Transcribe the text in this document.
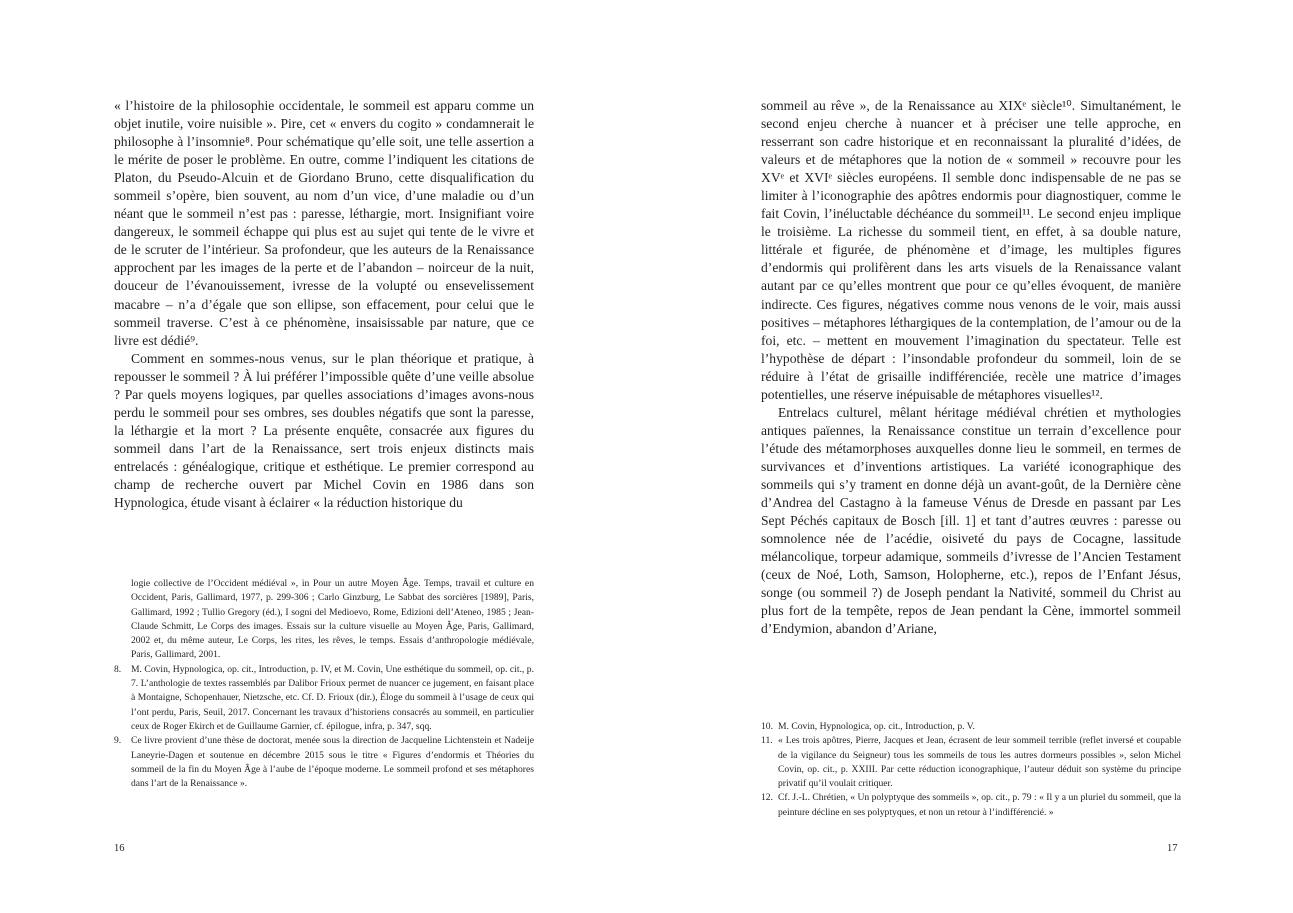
« l’histoire de la philosophie occidentale, le sommeil est apparu comme un objet inutile, voire nuisible ». Pire, cet « envers du cogito » condamnerait le philosophe à l’insomnie⁸. Pour schématique qu’elle soit, une telle assertion a le mérite de poser le problème. En outre, comme l’indiquent les citations de Platon, du Pseudo-Alcuin et de Giordano Bruno, cette disqualification du sommeil s’opère, bien souvent, au nom d’un vice, d’une maladie ou d’un néant que le sommeil n’est pas : paresse, léthargie, mort. Insignifiant voire dangereux, le sommeil échappe qui plus est au sujet qui tente de le vivre et de le scruter de l’intérieur. Sa profondeur, que les auteurs de la Renaissance approchent par les images de la perte et de l’abandon – noirceur de la nuit, douceur de l’évanouissement, ivresse de la volupté ou ensevelissement macabre – n’a d’égale que son ellipse, son effacement, pour celui que le sommeil traverse. C’est à ce phénomène, insaisissable par nature, que ce livre est dédié⁹.

Comment en sommes-nous venus, sur le plan théorique et pratique, à repousser le sommeil ? À lui préférer l’impossible quête d’une veille absolue ? Par quels moyens logiques, par quelles associations d’images avons-nous perdu le sommeil pour ses ombres, ses doubles négatifs que sont la paresse, la léthargie et la mort ? La présente enquête, consacrée aux figures du sommeil dans l’art de la Renaissance, sert trois enjeux distincts mais entrelacés : généalogique, critique et esthétique. Le premier correspond au champ de recherche ouvert par Michel Covin en 1986 dans son Hypnologica, étude visant à éclairer « la réduction historique du

logie collective de l’Occident médiéval », in Pour un autre Moyen Âge. Temps, travail et culture en Occident, Paris, Gallimard, 1977, p. 299-306 ; Carlo Ginzburg, Le Sabbat des sorcières [1989], Paris, Gallimard, 1992 ; Tullio Gregory (éd.), I sogni del Medioevo, Rome, Edizioni dell’Ateneo, 1985 ; Jean-Claude Schmitt, Le Corps des images. Essais sur la culture visuelle au Moyen Âge, Paris, Gallimard, 2002 et, du même auteur, Le Corps, les rites, les rêves, le temps. Essais d’anthropologie médiévale, Paris, Gallimard, 2001.

8. M. Covin, Hypnologica, op. cit., Introduction, p. IV, et M. Covin, Une esthétique du sommeil, op. cit., p. 7. L’anthologie de textes rassemblés par Dalibor Frioux permet de nuancer ce jugement, en faisant place à Montaigne, Schopenhauer, Nietzsche, etc. Cf. D. Frioux (dir.), Éloge du sommeil à l’usage de ceux qui l’ont perdu, Paris, Seuil, 2017. Concernant les travaux d’historiens consacrés au sommeil, en particulier ceux de Roger Ekirch et de Guillaume Garnier, cf. épilogue, infra, p. 347, sqq.

9. Ce livre provient d’une thèse de doctorat, menée sous la direction de Jacqueline Lichtenstein et Nadeije Laneyrie-Dagen et soutenue en décembre 2015 sous le titre « Figures d’endormis et Théories du sommeil de la fin du Moyen Âge à l’aube de l’époque moderne. Le sommeil profond et ses métaphores dans l’art de la Renaissance ».

16

sommeil au rêve », de la Renaissance au XIXᵉ siècle¹⁰. Simultanément, le second enjeu cherche à nuancer et à préciser une telle approche, en resserrant son cadre historique et en reconnaissant la pluralité d’idées, de valeurs et de métaphores que la notion de « sommeil » recouvre pour les XVᵉ et XVIᵉ siècles européens. Il semble donc indispensable de ne pas se limiter à l’iconographie des apôtres endormis pour diagnostiquer, comme le fait Covin, l’inéluctable déchéance du sommeil¹¹. Le second enjeu implique le troisième. La richesse du sommeil tient, en effet, à sa double nature, littérale et figurée, de phénomène et d’image, les multiples figures d’endormis qui prolifèrent dans les arts visuels de la Renaissance valant autant par ce qu’elles montrent que pour ce qu’elles évoquent, de manière indirecte. Ces figures, négatives comme nous venons de le voir, mais aussi positives – métaphores léthargiques de la contemplation, de l’amour ou de la foi, etc. – mettent en mouvement l’imagination du spectateur. Telle est l’hypothèse de départ : l’insondable profondeur du sommeil, loin de se réduire à l’état de grisaille indifférenciée, recèle une matrice d’images potentielles, une réserve inépuisable de métaphores visuelles¹².

Entrelacs culturel, mêlant héritage médiéval chrétien et mythologies antiques païennes, la Renaissance constitue un terrain d’excellence pour l’étude des métamorphoses auxquelles donne lieu le sommeil, en termes de survivances et d’inventions artistiques. La variété iconographique des sommeils qui s’y trament en donne déjà un avant-goût, de la Dernière cène d’Andrea del Castagno à la fameuse Vénus de Dresde en passant par Les Sept Péchés capitaux de Bosch [ill. 1] et tant d’autres œuvres : paresse ou somnolence née de l’acédie, oisiveté du pays de Cocagne, lassitude mélancolique, torpeur adamique, sommeils d’ivresse de l’Ancien Testament (ceux de Noé, Loth, Samson, Holopherne, etc.), repos de l’Enfant Jésus, songe (ou sommeil ?) de Joseph pendant la Nativité, sommeil du Christ au plus fort de la tempête, repos de Jean pendant la Cène, immortel sommeil d’Endymion, abandon d’Ariane,

10. M. Covin, Hypnologica, op. cit., Introduction, p. V.

11. « Les trois apôtres, Pierre, Jacques et Jean, écrasent de leur sommeil terrible (reflet inversé et coupable de la vigilance du Seigneur) tous les sommeils de tous les autres dormeurs possibles », selon Michel Covin, op. cit., p. XXIII. Par cette réduction iconographique, l’auteur déduit son système du principe privatif qu’il voulait critiquer.

12. Cf. J.-L. Chrétien, « Un polyptyque des sommeils », op. cit., p. 79 : « Il y a un pluriel du sommeil, que la peinture décline en ses polyptyques, et non un retour à l’indifférencié. »

17
